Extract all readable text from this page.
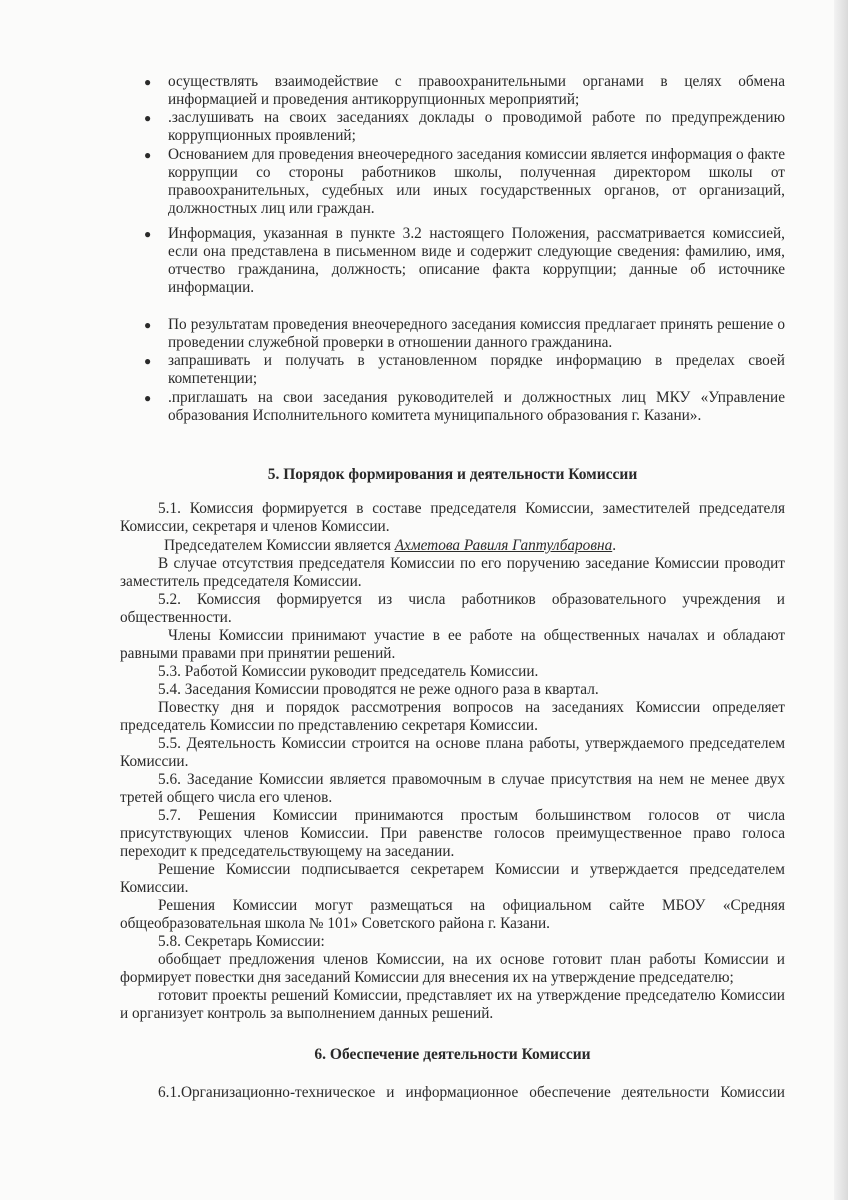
● осуществлять взаимодействие с правоохранительными органами в целях обмена информацией и проведения антикоррупционных мероприятий;

● .заслушивать на своих заседаниях доклады о проводимой работе по предупреждению коррупционных проявлений;

● Основанием для проведения внеочередного заседания комиссии является информация о факте коррупции со стороны работников школы, полученная директором школы от правоохранительных, судебных или иных государственных органов, от организаций, должностных лиц или граждан.

● Информация, указанная в пункте 3.2 настоящего Положения, рассматривается комиссией, если она представлена в письменном виде и содержит следующие сведения: фамилию, имя, отчество гражданина, должность; описание факта коррупции; данные об источнике информации.

● По результатам проведения внеочередного заседания комиссия предлагает принять решение о проведении служебной проверки в отношении данного гражданина.

● запрашивать и получать в установленном порядке информацию в пределах своей компетенции;

● .приглашать на свои заседания руководителей и должностных лиц МКУ «Управление образования Исполнительного комитета муниципального образования г. Казани».

5. Порядок формирования и деятельности Комиссии

5.1. Комиссия формируется в составе председателя Комиссии, заместителей председателя Комиссии, секретаря и членов Комиссии.

Председателем Комиссии является Ахметова Равиля Гаптулбаровна.

В случае отсутствия председателя Комиссии по его поручению заседание Комиссии проводит заместитель председателя Комиссии.

5.2. Комиссия формируется из числа работников образовательного учреждения и общественности.

Члены Комиссии принимают участие в ее работе на общественных началах и обладают равными правами при принятии решений.

5.3. Работой Комиссии руководит председатель Комиссии.

5.4. Заседания Комиссии проводятся не реже одного раза в квартал.

Повестку дня и порядок рассмотрения вопросов на заседаниях Комиссии определяет председатель Комиссии по представлению секретаря Комиссии.

5.5. Деятельность Комиссии строится на основе плана работы, утверждаемого председателем Комиссии.

5.6. Заседание Комиссии является правомочным в случае присутствия на нем не менее двух третей общего числа его членов.

5.7. Решения Комиссии принимаются простым большинством голосов от числа присутствующих членов Комиссии. При равенстве голосов преимущественное право голоса переходит к председательствующему на заседании.

Решение Комиссии подписывается секретарем Комиссии и утверждается председателем Комиссии.

Решения Комиссии могут размещаться на официальном сайте МБОУ «Средняя общеобразовательная школа № 101» Советского района г. Казани.

5.8. Секретарь Комиссии:

обобщает предложения членов Комиссии, на их основе готовит план работы Комиссии и формирует повестки дня заседаний Комиссии для внесения их на утверждение председателю;

готовит проекты решений Комиссии, представляет их на утверждение председателю Комиссии и организует контроль за выполнением данных решений.

6. Обеспечение деятельности Комиссии

6.1.Организационно-техническое и информационное обеспечение деятельности Комиссии
